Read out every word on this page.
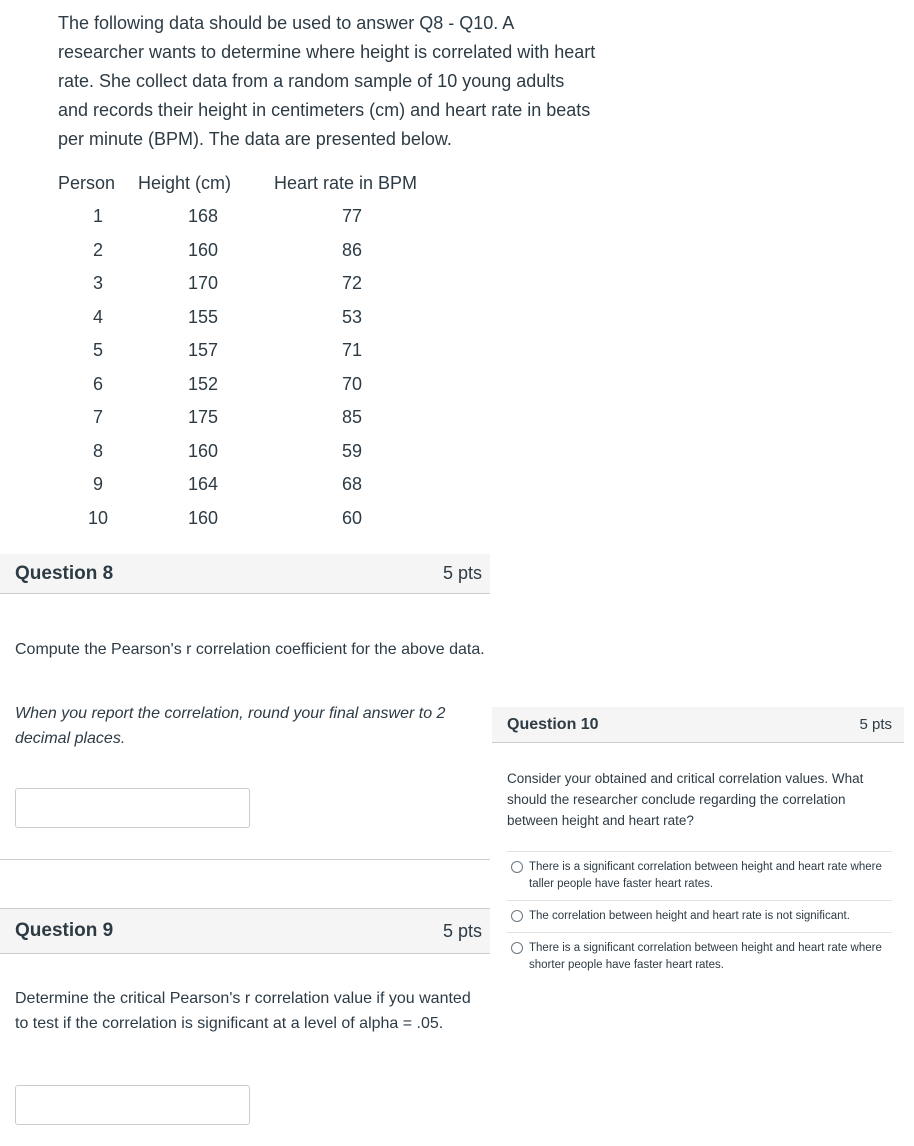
The following data should be used to answer Q8 - Q10. A researcher wants to determine where height is correlated with heart rate. She collect data from a random sample of 10 young adults and records their height in centimeters (cm) and heart rate in beats per minute (BPM). The data are presented below.
Person	Height (cm)	Heart rate in BPM
1	168	77
2	160	86
3	170	72
4	155	53
5	157	71
6	152	70
7	175	85
8	160	59
9	164	68
10	160	60
Question 8	5 pts
Compute the Pearson's r correlation coefficient for the above data.
When you report the correlation, round your final answer to 2 decimal places.
Question 9	5 pts
Determine the critical Pearson's r correlation value if you wanted to test if the correlation is significant at a level of alpha = .05.
Question 10	5 pts
Consider your obtained and critical correlation values. What should the researcher conclude regarding the correlation between height and heart rate?
There is a significant correlation between height and heart rate where taller people have faster heart rates.
The correlation between height and heart rate is not significant.
There is a significant correlation between height and heart rate where shorter people have faster heart rates.
